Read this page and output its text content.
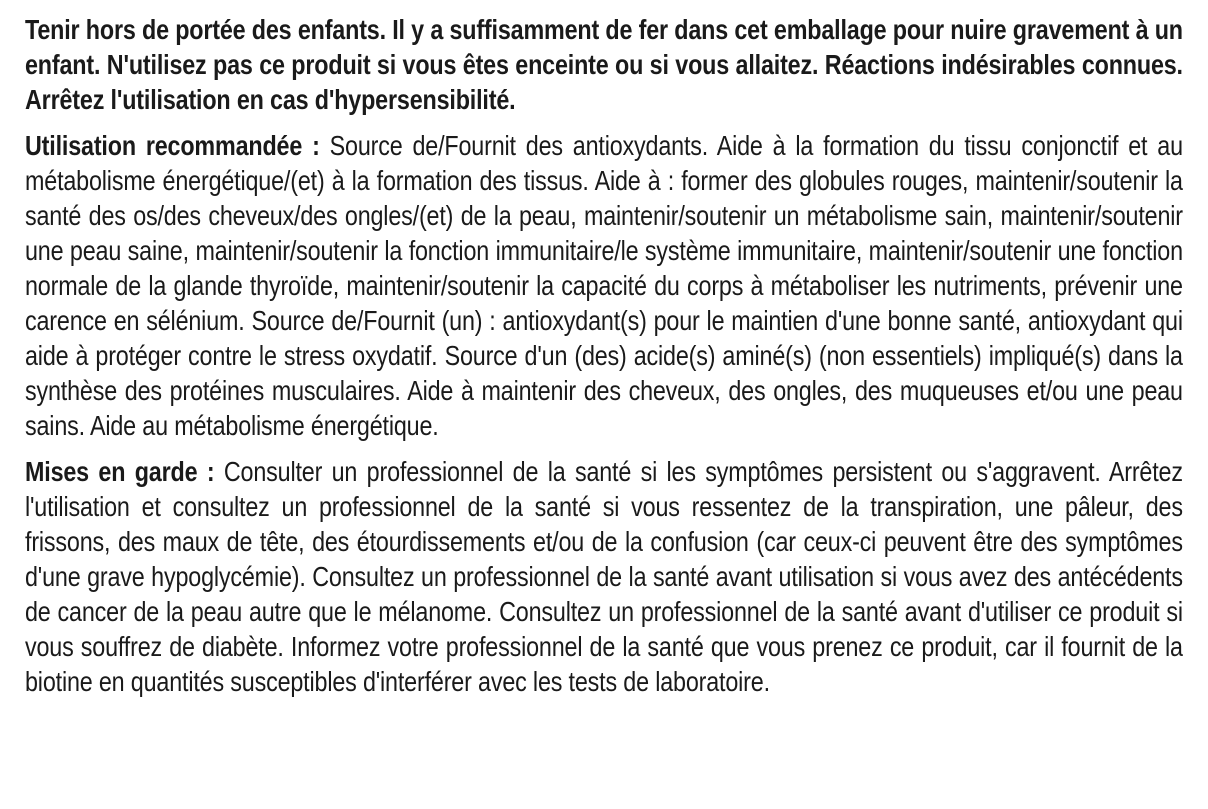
Tenir hors de portée des enfants. Il y a suffisamment de fer dans cet emballage pour nuire gravement à un enfant. N'utilisez pas ce produit si vous êtes enceinte ou si vous allaitez. Réactions indésirables connues. Arrêtez l'utilisation en cas d'hypersensibilité.

Utilisation recommandée : Source de/Fournit des antioxydants. Aide à la formation du tissu conjonctif et au métabolisme énergétique/(et) à la formation des tissus. Aide à : former des globules rouges, maintenir/soutenir la santé des os/des cheveux/des ongles/(et) de la peau, maintenir/soutenir un métabolisme sain, maintenir/soutenir une peau saine, maintenir/soutenir la fonction immunitaire/le système immunitaire, maintenir/soutenir une fonction normale de la glande thyroïde, maintenir/soutenir la capacité du corps à métaboliser les nutriments, prévenir une carence en sélénium. Source de/Fournit (un) : antioxydant(s) pour le maintien d'une bonne santé, antioxydant qui aide à protéger contre le stress oxydatif. Source d'un (des) acide(s) aminé(s) (non essentiels) impliqué(s) dans la synthèse des protéines musculaires. Aide à maintenir des cheveux, des ongles, des muqueuses et/ou une peau sains. Aide au métabolisme énergétique.

Mises en garde : Consulter un professionnel de la santé si les symptômes persistent ou s'aggravent. Arrêtez l'utilisation et consultez un professionnel de la santé si vous ressentez de la transpiration, une pâleur, des frissons, des maux de tête, des étourdissements et/ou de la confusion (car ceux-ci peuvent être des symptômes d'une grave hypoglycémie). Consultez un professionnel de la santé avant utilisation si vous avez des antécédents de cancer de la peau autre que le mélanome. Consultez un professionnel de la santé avant d'utiliser ce produit si vous souffrez de diabète. Informez votre professionnel de la santé que vous prenez ce produit, car il fournit de la biotine en quantités susceptibles d'interférer avec les tests de laboratoire.
